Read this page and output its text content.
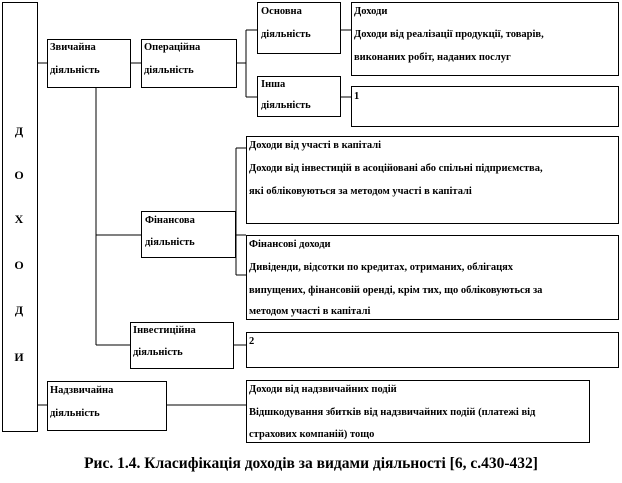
Д
О
Х
О
Д
И
Звичайна
діяльність
Операційна
діяльність
Основна
діяльність
Доходи
Доходи від реалізації продукції, товарів,
виконаних робіт, наданих послуг
Інша
діяльність
1
Доходи від участі в капіталі
Доходи від інвестицій в асоційовані або спільні підприємства,
які обліковуються за методом участі в капіталі
Фінансова
діяльність	Фінансові доходи
Дивіденди, відсотки по кредитах, отриманих, облігацях
випущених, фінансовій оренді, крім тих, що обліковуються за
методом участі в капіталі
Інвестиційна
діяльність
2
Надзвичайна
діяльність
Доходи від надзвичайних подій
Відшкодування збитків від надзвичайних подій (платежі від
страхових компаній) тощо
Рис. 1.4. Класифікація доходів за видами діяльності [6, с.430-432]
